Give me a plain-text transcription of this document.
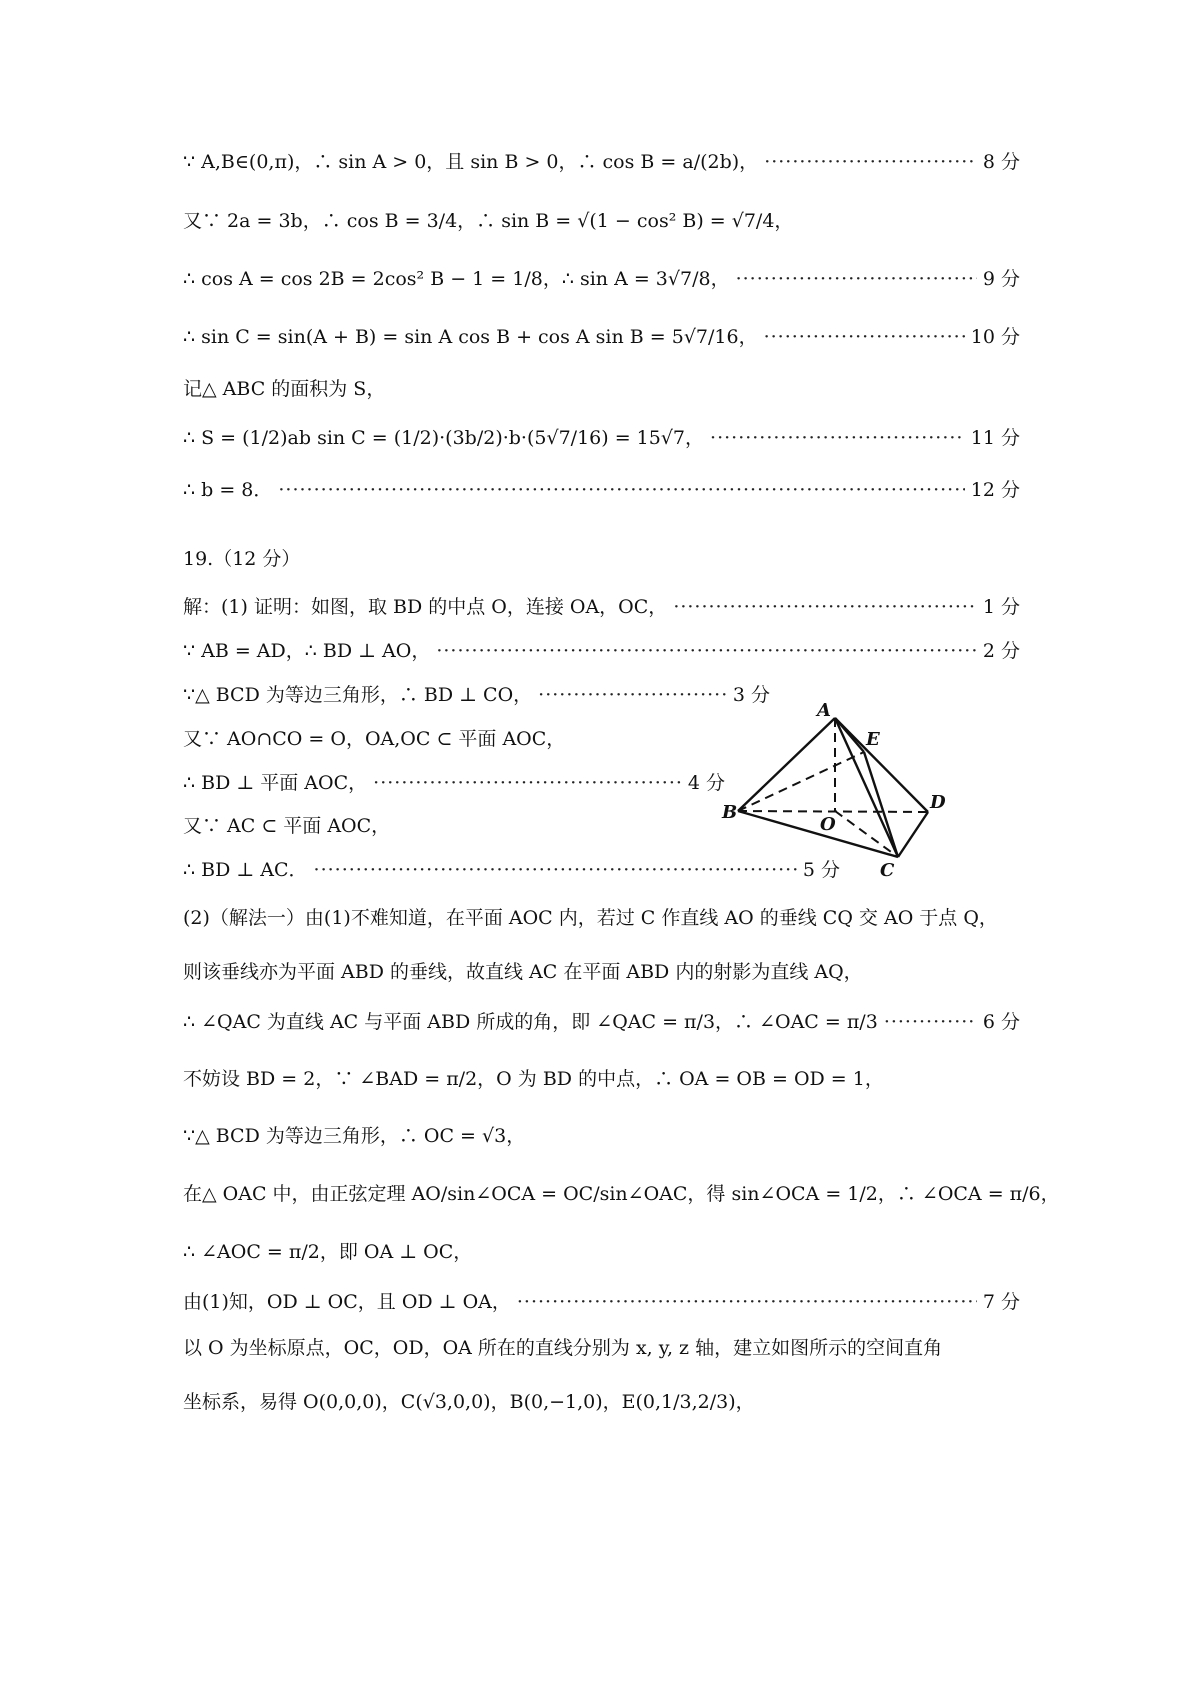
∵ A,B∈(0,π)，∴ sin A > 0，且 sin B > 0，∴ cos B = a/(2b)， ·····	8 分
又∵ 2a = 3b，∴ cos B = 3/4，∴ sin B = √(1 − cos² B) = √7/4，
∴ cos A = cos 2B = 2cos² B − 1 = 1/8，∴ sin A = 3√7/8， ·····	9 分
∴ sin C = sin(A + B) = sin A cos B + cos A sin B = 5√7/16， ·····	10 分
记△ ABC 的面积为 S，
∴ S = (1/2)ab sin C = (1/2)·(3b/2)·b·(5√7/16) = 15√7， ·····	11 分
∴ b = 8． ·····	12 分
19.（12 分）
解：(1) 证明：如图，取 BD 的中点 O，连接 OA，OC， ·····	1 分
∵ AB = AD，∴ BD ⊥ AO， ·····	2 分
∵△ BCD 为等边三角形，∴ BD ⊥ CO， ·····	3 分
又∵ AO∩CO = O，OA,OC ⊂ 平面 AOC，
∴ BD ⊥ 平面 AOC， ·····	4 分
又∵ AC ⊂ 平面 AOC，
∴ BD ⊥ AC． ·····	5 分
A
E
B	D
O
C
(2)（解法一）由(1)不难知道，在平面 AOC 内，若过 C 作直线 AO 的垂线 CQ 交 AO 于点 Q，
则该垂线亦为平面 ABD 的垂线，故直线 AC 在平面 ABD 内的射影为直线 AQ，
∴ ∠QAC 为直线 AC 与平面 ABD 所成的角，即 ∠QAC = π/3，∴ ∠OAC = π/3 ·····	6 分
不妨设 BD = 2，∵ ∠BAD = π/2，O 为 BD 的中点，∴ OA = OB = OD = 1，
∵△ BCD 为等边三角形，∴ OC = √3，
在△ OAC 中，由正弦定理 AO/sin∠OCA = OC/sin∠OAC，得 sin∠OCA = 1/2，∴ ∠OCA = π/6，
∴ ∠AOC = π/2，即 OA ⊥ OC，
由(1)知，OD ⊥ OC，且 OD ⊥ OA， ·····	7 分
以 O 为坐标原点，OC，OD，OA 所在的直线分别为 x, y, z 轴，建立如图所示的空间直角
坐标系，易得 O(0,0,0)，C(√3,0,0)，B(0,−1,0)，E(0,1/3,2/3)，
